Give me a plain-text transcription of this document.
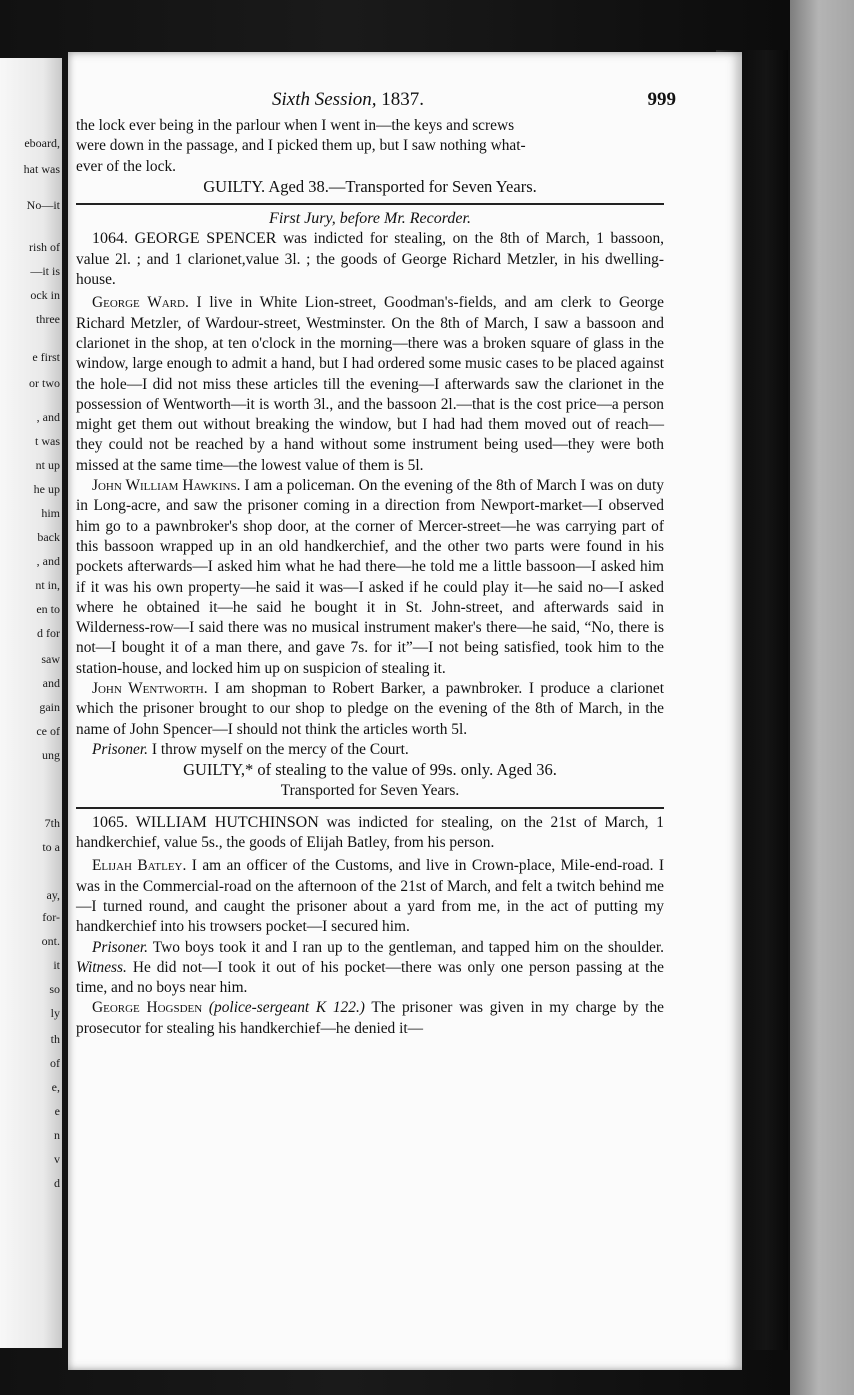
eboard,
hat was
No—it
rish of
—it is
ock in
three
e first
or two
, and
t was
nt up
he up
him
back
, and
nt in,
en to
d for
saw
and
gain
ce of
ung
7th
to a
ay,
for-
ont.
it
so
ly
th
of
e,
e
n
v
d
Sixth Session, 1837.	999

the lock ever being in the parlour when I went in—the keys and screws

were down in the passage, and I picked them up, but I saw nothing what-

ever of the lock.

GUILTY. Aged 38.—Transported for Seven Years.

First Jury, before Mr. Recorder.

1064. GEORGE SPENCER was indicted for stealing, on the 8th of March, 1 bassoon, value 2l. ; and 1 clarionet,value 3l. ; the goods of George Richard Metzler, in his dwelling-house.

George Ward. I live in White Lion-street, Goodman's-fields, and am clerk to George Richard Metzler, of Wardour-street, Westminster. On the 8th of March, I saw a bassoon and clarionet in the shop, at ten o'clock in the morning—there was a broken square of glass in the window, large enough to admit a hand, but I had ordered some music cases to be placed against the hole—I did not miss these articles till the evening—I afterwards saw the clarionet in the possession of Wentworth—it is worth 3l., and the bassoon 2l.—that is the cost price—a person might get them out without breaking the window, but I had had them moved out of reach—they could not be reached by a hand without some instrument being used—they were both missed at the same time—the lowest value of them is 5l.

John William Hawkins. I am a policeman. On the evening of the 8th of March I was on duty in Long-acre, and saw the prisoner coming in a direction from Newport-market—I observed him go to a pawnbroker's shop door, at the corner of Mercer-street—he was carrying part of this bassoon wrapped up in an old handkerchief, and the other two parts were found in his pockets afterwards—I asked him what he had there—he told me a little bassoon—I asked him if it was his own property—he said it was—I asked if he could play it—he said no—I asked where he obtained it—he said he bought it in St. John-street, and afterwards said in Wilderness-row—I said there was no musical instrument maker's there—he said, “No, there is not—I bought it of a man there, and gave 7s. for it”—I not being satisfied, took him to the station-house, and locked him up on suspicion of stealing it.

John Wentworth. I am shopman to Robert Barker, a pawnbroker. I produce a clarionet which the prisoner brought to our shop to pledge on the evening of the 8th of March, in the name of John Spencer—I should not think the articles worth 5l.

Prisoner. I throw myself on the mercy of the Court.

GUILTY,* of stealing to the value of 99s. only. Aged 36.

Transported for Seven Years.

1065. WILLIAM HUTCHINSON was indicted for stealing, on the 21st of March, 1 handkerchief, value 5s., the goods of Elijah Batley, from his person.

Elijah Batley. I am an officer of the Customs, and live in Crown-place, Mile-end-road. I was in the Commercial-road on the afternoon of the 21st of March, and felt a twitch behind me—I turned round, and caught the prisoner about a yard from me, in the act of putting my handkerchief into his trowsers pocket—I secured him.

Prisoner. Two boys took it and I ran up to the gentleman, and tapped him on the shoulder. Witness. He did not—I took it out of his pocket—there was only one person passing at the time, and no boys near him.

George Hogsden (police-sergeant K 122.) The prisoner was given in my charge by the prosecutor for stealing his handkerchief—he denied it—
